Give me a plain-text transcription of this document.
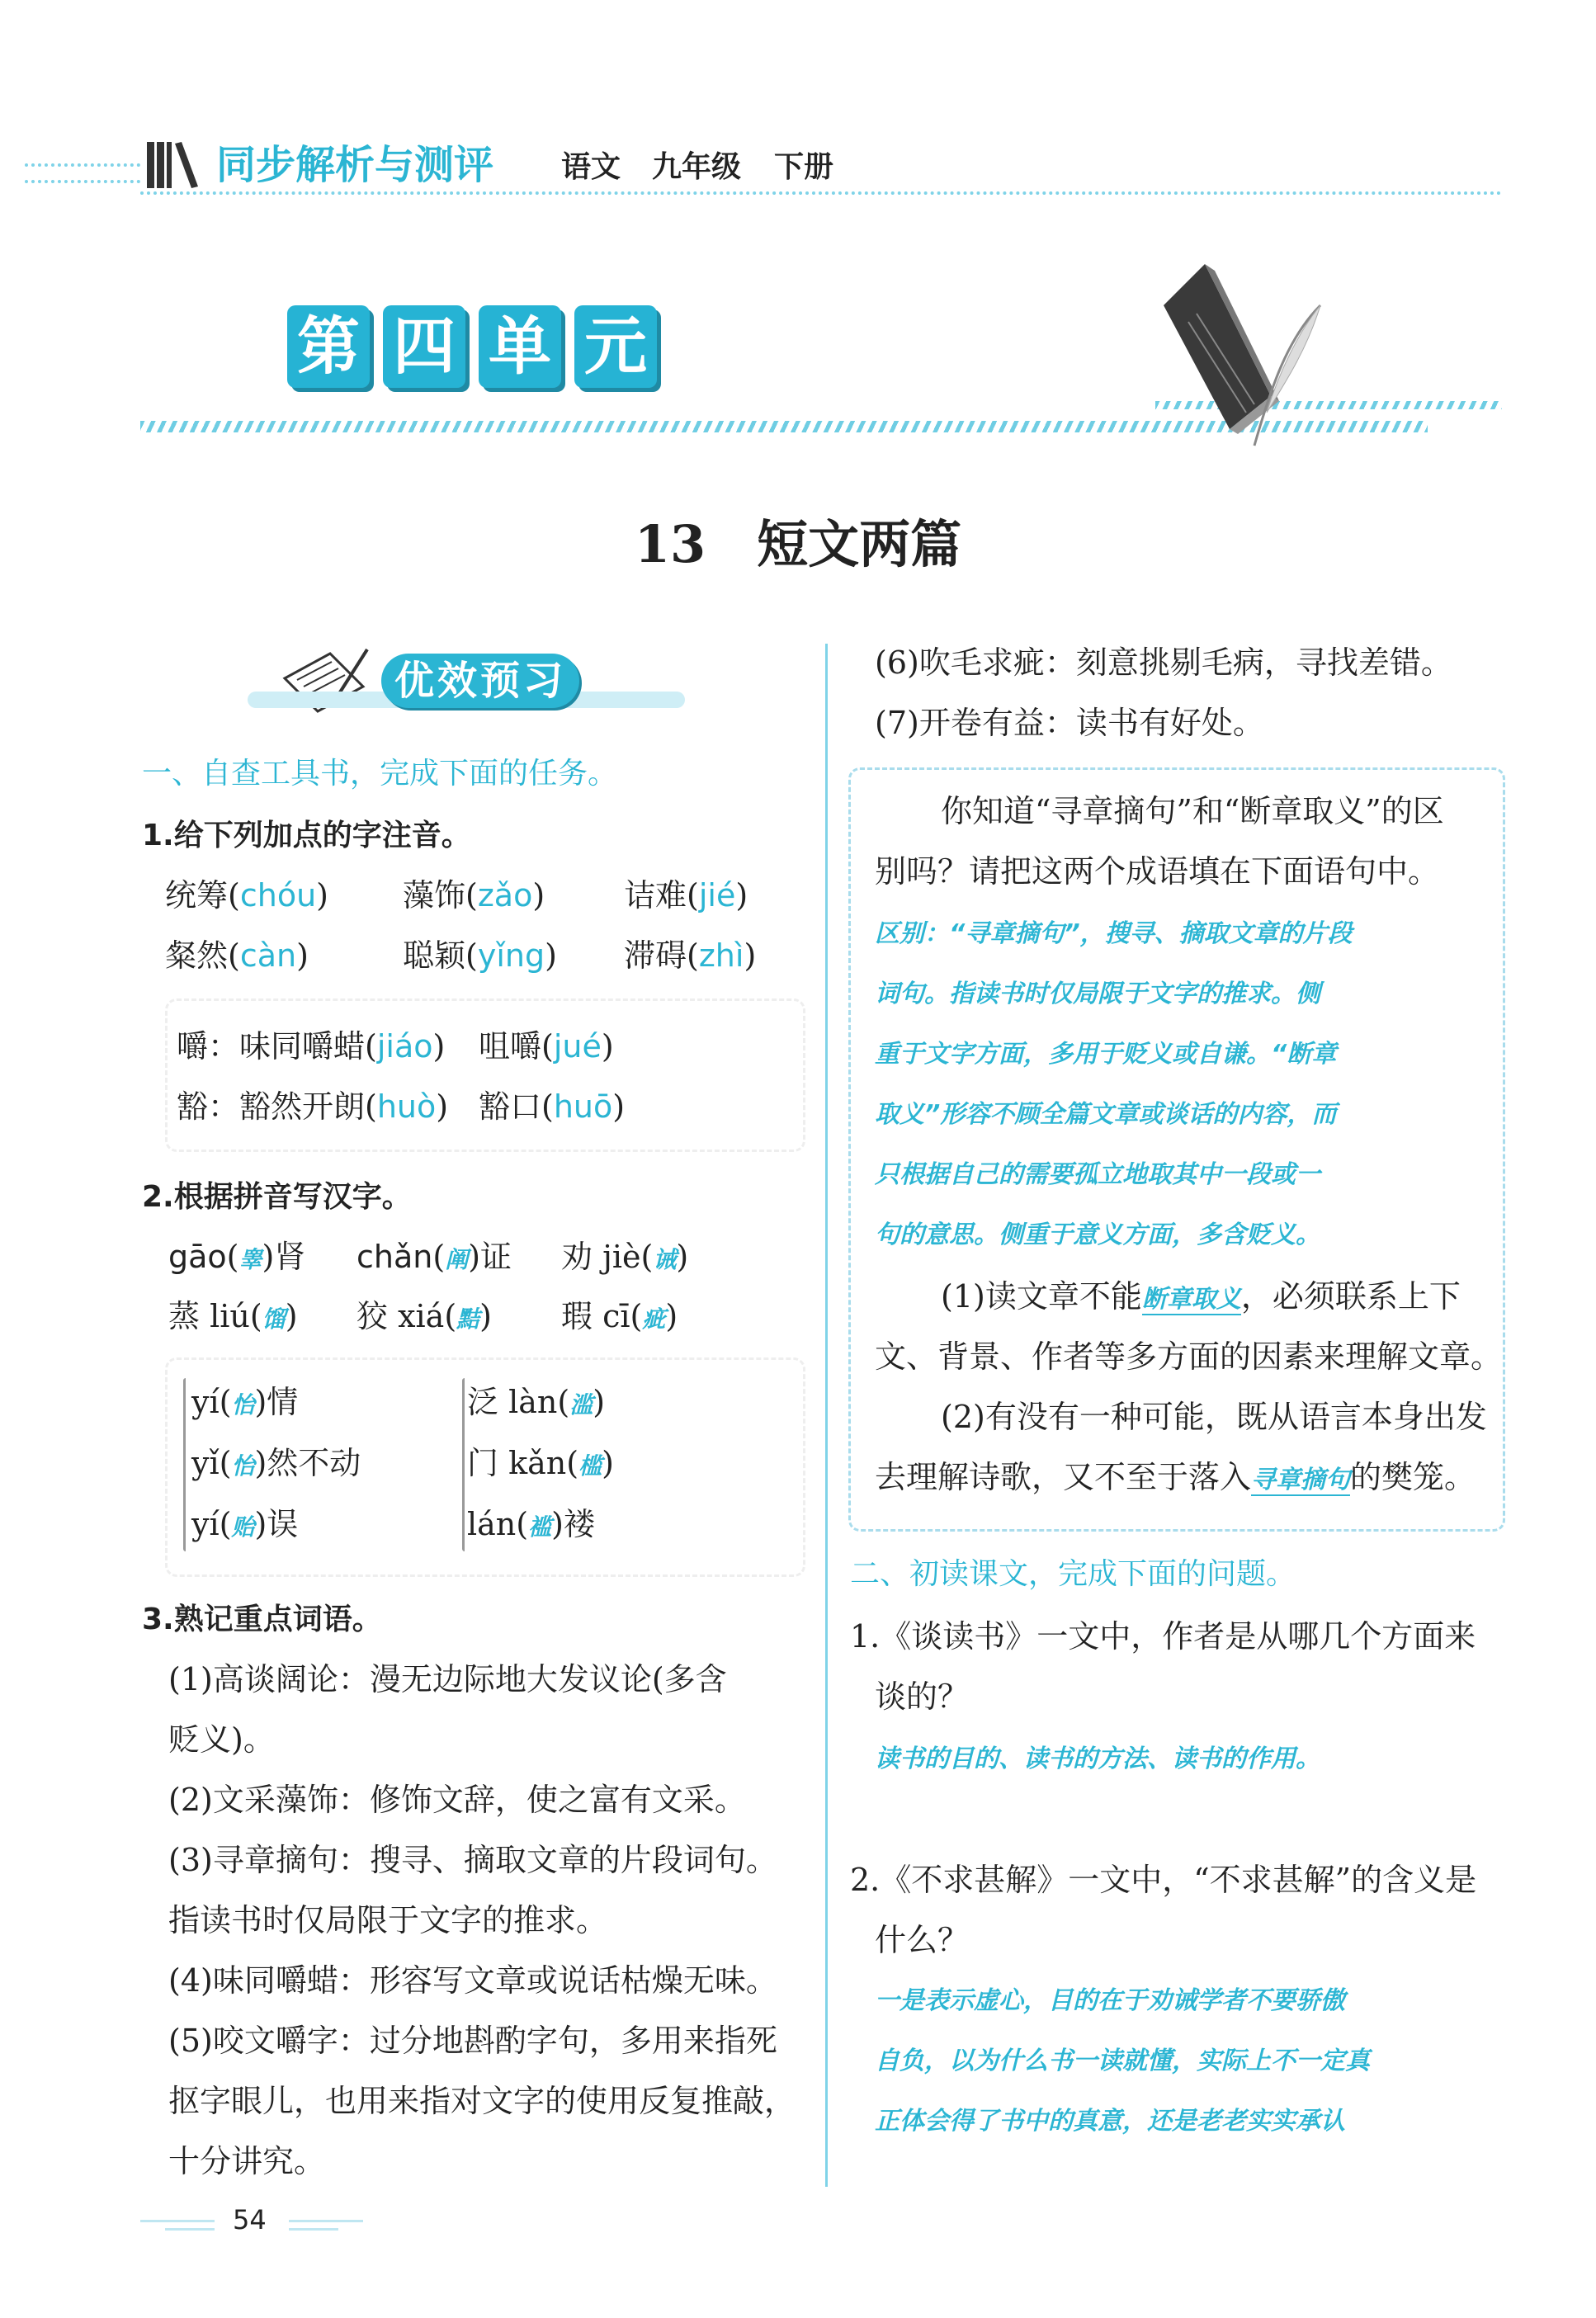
同步解析与测评 语文 九年级 下册
第 四 单 元
13　短文两篇
优效预习
一、自查工具书，完成下面的任务。
1.给下列加点的字注音。
统筹(chóu) 藻饰(zǎo)	诘难(jié)
粲然(càn)	聪颖(yǐng) 滞碍(zhì)
嚼：味同嚼蜡(jiáo) 咀嚼(jué)
豁：豁然开朗(huò) 豁口(huō)
2.根据拼音写汉字。
gāo(睾)肾 chǎn(阐)证 劝 jiè(诫)
蒸 liú(馏) 狡 xiá(黠) 瑕 cī(疵)
yí(怡)情
yǐ(怡)然不动
yí(贻)误
泛 làn(滥)
门 kǎn(槛)
lán(褴)褛
3.熟记重点词语。
(1)高谈阔论：漫无边际地大发议论(多含
贬义)。
(2)文采藻饰：修饰文辞，使之富有文采。
(3)寻章摘句：搜寻、摘取文章的片段词句。
指读书时仅局限于文字的推求。
(4)味同嚼蜡：形容写文章或说话枯燥无味。
(5)咬文嚼字：过分地斟酌字句，多用来指死
抠字眼儿，也用来指对文字的使用反复推敲，
十分讲究。
(6)吹毛求疵：刻意挑剔毛病，寻找差错。
(7)开卷有益：读书有好处。
你知道“寻章摘句”和“断章取义”的区
别吗？请把这两个成语填在下面语句中。
区别：“寻章摘句”，搜寻、摘取文章的片段
词句。指读书时仅局限于文字的推求。侧
重于文字方面，多用于贬义或自谦。“断章
取义”形容不顾全篇文章或谈话的内容，而
只根据自己的需要孤立地取其中一段或一
句的意思。侧重于意义方面，多含贬义。
(1)读文章不能断章取义，必须联系上下
文、背景、作者等多方面的因素来理解文章。
(2)有没有一种可能，既从语言本身出发
去理解诗歌，又不至于落入寻章摘句的樊笼。
二、初读课文，完成下面的问题。
1.《谈读书》一文中，作者是从哪几个方面来
谈的？
读书的目的、读书的方法、读书的作用。
2.《不求甚解》一文中，“不求甚解”的含义是
什么？
一是表示虚心，目的在于劝诫学者不要骄傲
自负，以为什么书一读就懂，实际上不一定真
正体会得了书中的真意，还是老老实实承认
54
